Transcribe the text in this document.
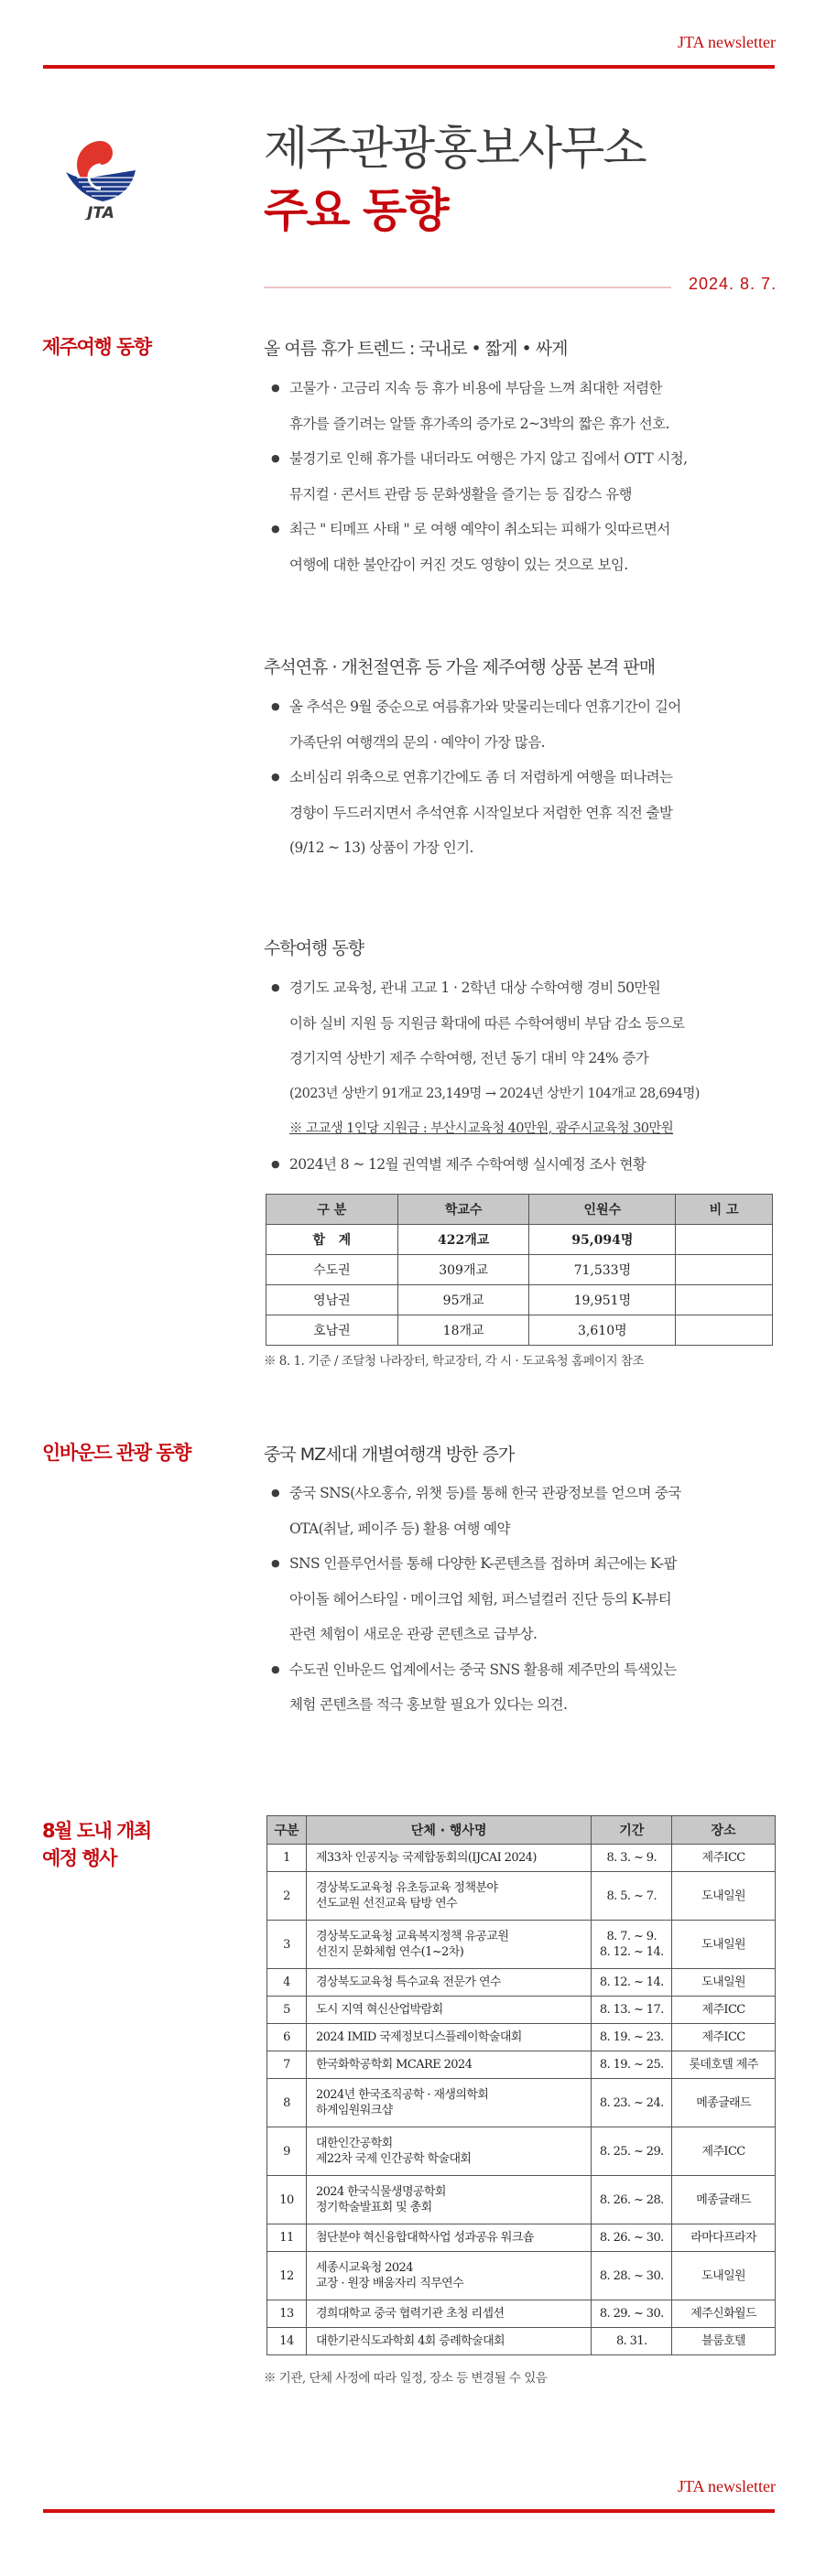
JTA newsletter
JTA
제주관광홍보사무소
주요 동향
2024. 8. 7.
제주여행 동향	올 여름 휴가 트렌드 : 국내로 • 짧게 • 싸게
● 고물가 · 고금리 지속 등 휴가 비용에 부담을 느껴 최대한 저렴한
휴가를 즐기려는 알뜰 휴가족의 증가로 2~3박의 짧은 휴가 선호.
● 불경기로 인해 휴가를 내더라도 여행은 가지 않고 집에서 OTT 시청,
뮤지컬 · 콘서트 관람 등 문화생활을 즐기는 등 집캉스 유행
● 최근 " 티메프 사태 " 로 여행 예약이 취소되는 피해가 잇따르면서
여행에 대한 불안감이 커진 것도 영향이 있는 것으로 보임.
추석연휴 · 개천절연휴 등 가을 제주여행 상품 본격 판매
● 올 추석은 9월 중순으로 여름휴가와 맞물리는데다 연휴기간이 길어
가족단위 여행객의 문의 · 예약이 가장 많음.
● 소비심리 위축으로 연휴기간에도 좀 더 저렴하게 여행을 떠나려는
경향이 두드러지면서 추석연휴 시작일보다 저렴한 연휴 직전 출발
(9/12 ~ 13) 상품이 가장 인기.
수학여행 동향
● 경기도 교육청, 관내 고교 1 · 2학년 대상 수학여행 경비 50만원
이하 실비 지원 등 지원금 확대에 따른 수학여행비 부담 감소 등으로
경기지역 상반기 제주 수학여행, 전년 동기 대비 약 24% 증가
(2023년 상반기 91개교 23,149명 → 2024년 상반기 104개교 28,694명)
※ 고교생 1인당 지원금 : 부산시교육청 40만원, 광주시교육청 30만원
● 2024년 8 ~ 12월 권역별 제주 수학여행 실시예정 조사 현황
구 분	학교수	인원수	비 고
합   계	422개교	95,094명	
수도권	309개교	71,533명	
영남권	95개교	19,951명	
호남권	18개교	3,610명	
※ 8. 1. 기준 / 조달청 나라장터, 학교장터, 각 시 · 도교육청 홈페이지 참조
인바운드 관광 동향	중국 MZ세대 개별여행객 방한 증가
● 중국 SNS(샤오홍슈, 위챗 등)를 통해 한국 관광정보를 얻으며 중국
OTA(취날, 페이주 등) 활용 여행 예약
● SNS 인플루언서를 통해 다양한 K-콘텐츠를 접하며 최근에는 K-팝
아이돌 헤어스타일 · 메이크업 체험, 퍼스널컬러 진단 등의 K-뷰티
관련 체험이 새로운 관광 콘텐츠로 급부상.
● 수도권 인바운드 업계에서는 중국 SNS 활용해 제주만의 특색있는
체험 콘텐츠를 적극 홍보할 필요가 있다는 의견.
8월 도내 개최
예정 행사
구분	단체 · 행사명	기간	장소

1	제33차 인공지능 국제합동회의(IJCAI 2024)	8. 3. ~ 9.	제주ICC

2	경상북도교육청 유초등교육 정책분야
선도교원 선진교육 탐방 연수	8. 5. ~ 7.	도내일원

3	경상북도교육청 교육복지정책 유공교원
선진지 문화체험 연수(1~2차)	8. 7. ~ 9.
8. 12. ~ 14.	도내일원

4	경상북도교육청 특수교육 전문가 연수	8. 12. ~ 14.	도내일원

5	도시 지역 혁신산업박람회	8. 13. ~ 17.	제주ICC

6	2024 IMID 국제정보디스플레이학술대회	8. 19. ~ 23.	제주ICC

7	한국화학공학회 MCARE 2024	8. 19. ~ 25.	롯데호텔 제주

8	2024년 한국조직공학 · 재생의학회
하계임원워크샵	8. 23. ~ 24.	메종글래드

9	대한인간공학회
제22차 국제 인간공학 학술대회	8. 25. ~ 29.	제주ICC

10	2024 한국식물생명공학회
정기학술발표회 및 총회	8. 26. ~ 28.	메종글래드

11	첨단분야 혁신융합대학사업 성과공유 워크숍	8. 26. ~ 30.	라마다프라자

12	세종시교육청 2024
교장 · 원장 배움자리 직무연수	8. 28. ~ 30.	도내일원

13	경희대학교 중국 협력기관 초청 리셉션	8. 29. ~ 30.	제주신화월드

14	대한기관식도과학회 4회 증례학술대회	8. 31.	블룸호텔
※ 기관, 단체 사정에 따라 일정, 장소 등 변경될 수 있음
JTA newsletter
